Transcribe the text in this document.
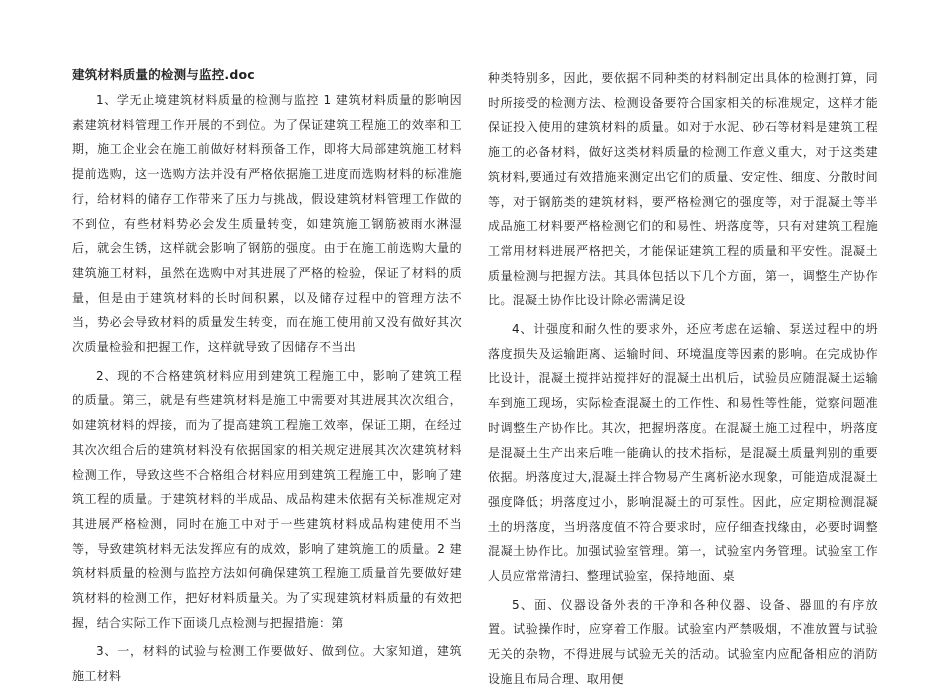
建筑材料质量的检测与监控.doc

1、学无止境建筑材料质量的检测与监控 1 建筑材料质量的影响因素建筑材料管理工作开展的不到位。为了保证建筑工程施工的效率和工期，施工企业会在施工前做好材料预备工作，即将大局部建筑施工材料提前选购，这一选购方法并没有严格依据施工进度而选购材料的标准施行，给材料的储存工作带来了压力与挑战，假设建筑材料管理工作做的不到位，有些材料势必会发生质量转变，如建筑施工钢筋被雨水淋湿后，就会生锈，这样就会影响了钢筋的强度。由于在施工前选购大量的建筑施工材料，虽然在选购中对其进展了严格的检验，保证了材料的质量，但是由于建筑材料的长时间积累，以及储存过程中的管理方法不当，势必会导致材料的质量发生转变，而在施工使用前又没有做好其次次质量检验和把握工作，这样就导致了因储存不当出

2、现的不合格建筑材料应用到建筑工程施工中，影响了建筑工程的质量。第三，就是有些建筑材料是施工中需要对其进展其次次组合，如建筑材料的焊接，而为了提高建筑工程施工效率，保证工期，在经过其次次组合后的建筑材料没有依据国家的相关规定进展其次次建筑材料检测工作，导致这些不合格组合材料应用到建筑工程施工中，影响了建筑工程的质量。于建筑材料的半成品、成品构建未依据有关标准规定对其进展严格检测，同时在施工中对于一些建筑材料成品构建使用不当等，导致建筑材料无法发挥应有的成效，影响了建筑施工的质量。2 建筑材料质量的检测与监控方法如何确保建筑工程施工质量首先要做好建筑材料的检测工作，把好材料质量关。为了实现建筑材料质量的有效把握，结合实际工作下面谈几点检测与把握措施：第

3、一，材料的试验与检测工作要做好、做到位。大家知道，建筑施工材料

种类特别多，因此，要依据不同种类的材料制定出具体的检测打算，同时所接受的检测方法、检测设备要符合国家相关的标准规定，这样才能保证投入使用的建筑材料的质量。如对于水泥、砂石等材料是建筑工程施工的必备材料，做好这类材料质量的检测工作意义重大，对于这类建筑材料,要通过有效措施来测定出它们的质量、安定性、细度、分散时间等，对于钢筋类的建筑材料，要严格检测它的强度等，对于混凝土等半成品施工材料要严格检测它们的和易性、坍落度等，只有对建筑工程施工常用材料进展严格把关，才能保证建筑工程的质量和平安性。混凝土质量检测与把握方法。其具体包括以下几个方面，第一，调整生产协作比。混凝土协作比设计除必需满足设

4、计强度和耐久性的要求外，还应考虑在运输、泵送过程中的坍落度损失及运输距离、运输时间、环境温度等因素的影响。在完成协作比设计，混凝土搅拌站搅拌好的混凝土出机后，试验员应随混凝土运输车到施工现场，实际检查混凝土的工作性、和易性等性能，觉察问题准时调整生产协作比。其次，把握坍落度。在混凝土施工过程中，坍落度是混凝土生产出来后唯一能确认的技术指标，是混凝土质量判别的重要依据。坍落度过大,混凝土拌合物易产生离析泌水现象，可能造成混凝土强度降低；坍落度过小，影响混凝土的可泵性。因此，应定期检测混凝土的坍落度，当坍落度值不符合要求时，应仔细查找缘由，必要时调整混凝土协作比。加强试验室管理。第一，试验室内务管理。试验室工作人员应常常清扫、整理试验室，保持地面、桌

5、面、仪器设备外表的干净和各种仪器、设备、器皿的有序放置。试验操作时，应穿着工作服。试验室内严禁吸烟，不准放置与试验无关的杂物，不得进展与试验无关的活动。试验室内应配备相应的消防设施且布局合理、取用便
